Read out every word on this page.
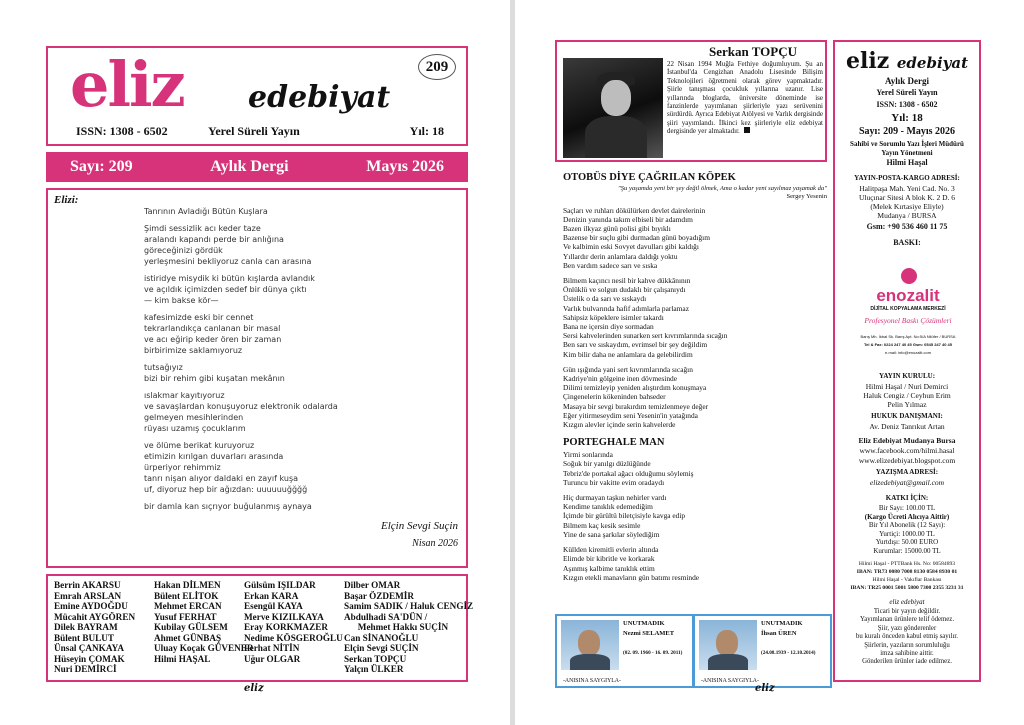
eliz edebiyat
209
ISSN: 1308 - 6502	Yerel Süreli Yayın	Yıl: 18
Sayı: 209	Aylık Dergi	Mayıs 2026
Elizi:
Tanrının Avladığı Bütün Kuşlara
Şimdi sessizlik acı keder taze
aralandı kapandı perde bir anlığına
göreceğinizi gördük
yerleşmesini bekliyoruz canla can arasına
istiridye misydik ki bütün kışlarda avlandık
ve açıldık içimizden sedef bir dünya çıktı
— kim bakse kör—
kafesimizde eski bir cennet
tekrarlandıkça canlanan bir masal
ve acı eğirip keder ören bir zaman
birbirimize saklamıyoruz
tutsağıyız
bizi bir rehim gibi kuşatan mekânın
ıslakmar kayıtıyoruz
ve savaşlardan konuşuyoruz elektronik odalarda
gelmeyen mesihlerinden
rüyası uzamış çocuklarım
ve ölüme berikat kuruyoruz
etimizin kırılgan duvarları arasında
ürperiyor rehimmiz
tanrı nişan alıyor daldaki en zayıf kuşa
uf, diyoruz hep bir ağızdan: uuuuuuğğğğ
bir damla kan sıçrıyor buğulanmış aynaya
Elçin Sevgi Suçin
Nisan 2026
Berrin AKARSU
Emrah ARSLAN
Emine AYDOĞDU
Mücahit AYGÖREN
Dilek BAYRAM
Bülent BULUT
Ünsal ÇANKAYA
Hüseyin ÇOMAK
Nuri DEMİRCİ
Hakan DİLMEN
Bülent ELİTOK
Mehmet ERCAN
Yusuf FERHAT
Kubilay GÜLSEM
Ahmet GÜNBAŞ
Uluay Koçak GÜVENER
Hilmi HAŞAL
Gülsüm IŞILDAR
Erkan KARA
Esengül KAYA
Merve KIZILKAYA
Eray KORKMAZER
Nedime KÖSGEROĞLU
Ferhat NİTİN
Uğur OLGAR
Dilber OMAR
Başar ÖZDEMİR
Samim SADIK / Haluk CENGİZ
Abdulhadi SA'DÜN /
Mehmet Hakkı SUÇİN
Can SİNANOĞLU
Elçin Sevgi SUÇİN
Serkan TOPÇU
Yalçın ÜLKER
eliz
Serkan TOPÇU
22 Nisan 1994 Muğla Fethiye doğumluyum. Şu an İstanbul'da Cengizhan Anadolu Lisesinde Bilişim Teknolojileri öğretmeni olarak görev yapmaktadır. Şiirle tanışması çocukluk yıllarına uzanır. Lise yıllarında bloglarda, üniversite döneminde ise fanzinlerde yayımlanan şiirleriyle yazı serüvenini sürdürdü. Ayrıca Edebiyat Atölyesi ve Varlık dergisinde şiiri yayımlandı. İlkinci kez şiirleriyle eliz edebiyat dergisinde yer almaktadır.
OTOBÜS DİYE ÇAĞRILAN KÖPEK
"Şu yaşamda yeni bir şey değil ölmek, Ama o kadar yeni sayılmaz yaşamak da"
Sergey Yesenin
Saçları ve ruhları dökülürken devlet dairelerinin
Denizin yanında takım elbiseli bir adamdım
Bazen ilkyaz günü polisi gibi bıyıklı
Bazense bir suçlu gibi durmadan günü boyadığım
Ve kalbimin eski Sovyet davulları gibi kaldığı
Yıllardır derin anlamlara daldığı yoktu
Ben vardım sadece sarı ve sıska
Bilmem kaçıncı nesil bir kahve dükkânının
Önlüklü ve solgun dudaklı bir çalışanıydı
Üstelik o da sarı ve sıskaydı
Varlık bulvarında hafif adımlarla parlamaz
Sahipsiz köpeklere isimler takardı
Bana ne içersin diye sormadan
Sersi kahvelerinden sunarken sert kıvrımlarında sıcağın
Ben sarı ve sıskaydım, evrimsel bir şey değildim
Kim bilir daha ne anlamlara da gelebilirdim
Gün ışığında yani sert kıvrımlarında sıcağın
Kadriye'nin gölgeine inen dövmesinde
Dilimi temizleyip yeniden alıştırdım konuşmaya
Çingenelerin kökeninden bahseder
Masaya bir sevgi bırakırdım temizlenmeye değer
Eğer yitirmeseydim seni Yesenin'in yatağında
Kızgın alevler içinde serin kahvelerde
PORTEGHALE MAN
Yirmi sonlarında
Soğuk bir yanılgı düzlüğünde
Tebriz'de portakal ağacı olduğumu söylemiş
Turuncu bir vakitte evim oradaydı
Hiç durmayan taşkın nehirler vardı
Kendime tanıklık edemediğim
İçimde bir gürültü biletçisiyle kavga edip
Bilmem kaç kesik sesimle
Yine de sana şarkılar söylediğim
Küllden kiremitli evlerin altında
Elimde bir kibritle ve korkarak
Aşınmış kalbime tanıklık ettim
Kızgın etekli manavların gün batımı resminde
UNUTMADIK
Nezmi SELAMET
(02. 09. 1960 - 16. 09. 2011)
-ANISINA SAYGIYLA-
UNUTMADIK
İhsan ÜREN
(24.08.1939 - 12.10.2014)
-ANISINA SAYGIYLA-
eliz
eliz edebiyat
Aylık Dergi
Yerel Süreli Yayın
ISSN: 1308 - 6502
Yıl: 18
Sayı: 209 - Mayıs 2026
Sahibi ve Sorumlu Yazı İşleri Müdürü
Yayın Yönetmeni
Hilmi Haşal
YAYIN-POSTA-KARGO ADRESİ:
Halitpaşa Mah. Yeni Cad. No. 3
Uluçınar Sitesi A blok K. 2 D. 6
(Melek Kırtasiye Eliyle)
Mudanya / BURSA
Gsm: +90 536 460 11 75
BASKI:
enozalit
DİJİTAL KOPYALAMA MERKEZİ
Profesyonel Baskı Çözümleri
Barış Mh. İkbal Sk. Barış Apt. No:5/A Nilüfer / BURSA
Tel & Fax: 0224 247 40 45 Gsm: 0545 247 40 45
e-mail: info@enozalit.com
YAYIN KURULU:
Hilmi Haşal / Nuri Demirci
Haluk Cengiz / Ceyhun Erim
Pelin Yılmaz
HUKUK DANIŞMANI:
Av. Deniz Tanrıkut Artan
Eliz Edebiyat Mudanya Bursa
www.facebook.com/hilmi.hasal
www.elizedebiyat.blogspot.com
YAZIŞMA ADRESİ:
elizedebiyat@gmail.com
KATKI İÇİN:
Bir Sayı: 100.00 TL
(Kargo Ücreti Alıcıya Aittir)
Bir Yıl Abonelik (12 Sayı):
Yurtiçi: 1000.00 TL
Yurtdışı: 50.00 EURO
Kurumlar: 15000.00 TL
Hilmi Haşal - PTTBank Hs. No: 00584893
IBAN: TR73 0080 7008 8130 0584 8930 01
Hilmi Haşal - Vakıflar Bankası
IBAN: TR25 0001 5001 5800 7300 2355 3231 31
eliz edebiyat
Ticari bir yayın değildir.
Yayımlanan ürünlere telif ödemez.
Şiir, yazı gönderenler
bu kuralı önceden kabul etmiş sayılır.
Şiirlerin, yazıların sorumluluğu
imza sahibine aittir.
Gönderilen ürünler iade edilmez.
